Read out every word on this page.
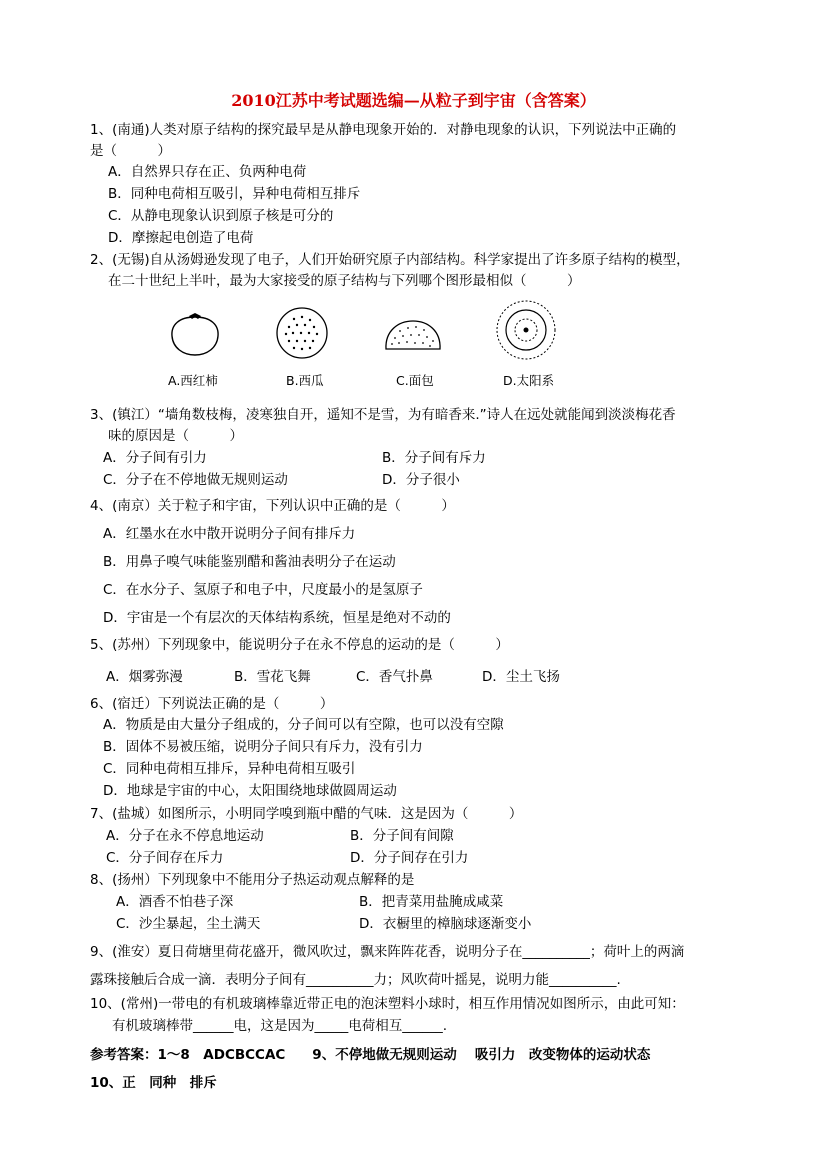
2010江苏中考试题选编—从粒子到宇宙（含答案）
1、(南通)人类对原子结构的探究最早是从静电现象开始的．对静电现象的认识，下列说法中正确的
是（　　　）
A．自然界只存在正、负两种电荷
B．同种电荷相互吸引，异种电荷相互排斥
C．从静电现象认识到原子核是可分的
D．摩擦起电创造了电荷
2、(无锡)自从汤姆逊发现了电子，人们开始研究原子内部结构。科学家提出了许多原子结构的模型，
在二十世纪上半叶，最为大家接受的原子结构与下列哪个图形最相似（　　　）
A.西红柿	B.西瓜	C.面包	D.太阳系
3、(镇江）“墙角数枝梅，凌寒独自开，遥知不是雪，为有暗香来.”诗人在远处就能闻到淡淡梅花香
味的原因是（　　　）
A．分子间有引力	B．分子间有斥力
C．分子在不停地做无规则运动	D．分子很小
4、(南京）关于粒子和宇宙，下列认识中正确的是（　　　）
A．红墨水在水中散开说明分子间有排斥力
B．用鼻子嗅气味能鉴别醋和酱油表明分子在运动
C．在水分子、氢原子和电子中，尺度最小的是氢原子
D．宇宙是一个有层次的天体结构系统，恒星是绝对不动的
5、(苏州）下列现象中，能说明分子在永不停息的运动的是（　　　）
A．烟雾弥漫	B．雪花飞舞	C．香气扑鼻	D．尘土飞扬
6、(宿迁）下列说法正确的是（　　　）
A．物质是由大量分子组成的，分子间可以有空隙，也可以没有空隙
B．固体不易被压缩，说明分子间只有斥力，没有引力
C．同种电荷相互排斥，异种电荷相互吸引
D．地球是宇宙的中心，太阳围绕地球做圆周运动
7、(盐城）如图所示，小明同学嗅到瓶中醋的气味．这是因为（　　　）
A．分子在永不停息地运动	B．分子间有间隙
C．分子间存在斥力	D．分子间存在引力
8、(扬州）下列现象中不能用分子热运动观点解释的是
A．酒香不怕巷子深	B．把青菜用盐腌成咸菜
C．沙尘暴起，尘土满天	D．衣橱里的樟脑球逐渐变小
9、(淮安）夏日荷塘里荷花盛开，微风吹过，飘来阵阵花香，说明分子在__________；荷叶上的两滴
露珠接触后合成一滴．表明分子间有__________力；风吹荷叶摇晃，说明力能__________.
10、(常州)一带电的有机玻璃棒靠近带正电的泡沫塑料小球时，相互作用情况如图所示，由此可知：
有机玻璃棒带______电，这是因为_____电荷相互______.
参考答案：1～8　ADCBCCAC　　9、不停地做无规则运动　 吸引力　改变物体的运动状态
10、正　同种　排斥
